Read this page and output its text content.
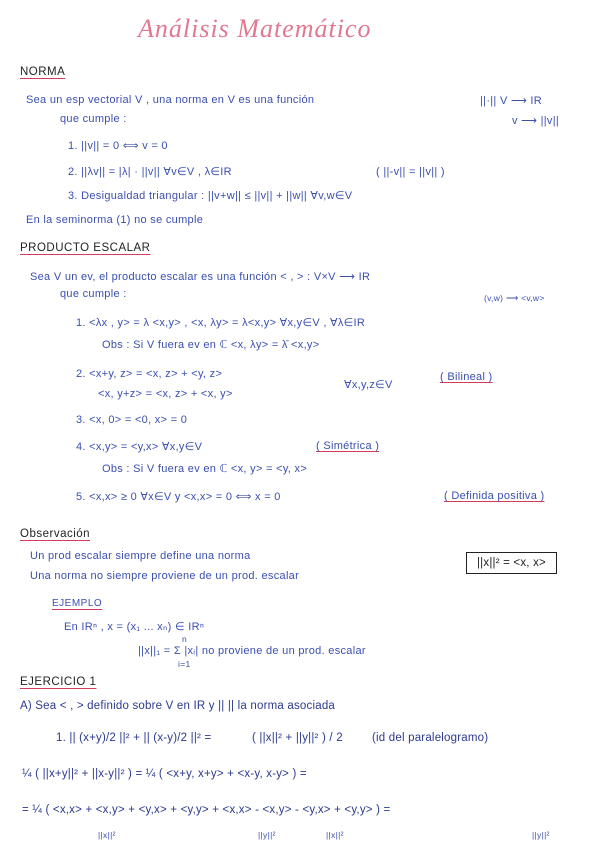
Análisis Matemático
NORMA
Sea un esp vectorial V , una norma en V es una función	||·|| V ⟶ IR
v ⟶ ||v||
que cumple :
1. ||v|| = 0 ⟺ v = 0
2. ||λv|| = |λ| · ||v|| ∀v∈V , λ∈IR	( ||-v|| = ||v|| )
3. Desigualdad triangular : ||v+w|| ≤ ||v|| + ||w|| ∀v,w∈V
En la seminorma (1) no se cumple
PRODUCTO ESCALAR
Sea V un ev, el producto escalar es una función < , > : V×V ⟶ IR
(v,w) ⟶ <v,w>
que cumple :
1. <λx , y> = λ <x,y> , <x, λy> = λ<x,y> ∀x,y∈V , ∀λ∈IR
Obs : Si V fuera ev en ℂ <x, λy> = λ̄ <x,y>
2. <x+y, z> = <x, z> + <y, z>
<x, y+z> = <x, z> + <x, y>
∀x,y,z∈V
( Bilineal )
3. <x, 0> = <0, x> = 0
4. <x,y> = <y,x> ∀x,y∈V	( Simétrica )
Obs : Si V fuera ev en ℂ <x, y> = <y, x>
5. <x,x> ≥ 0 ∀x∈V y <x,x> = 0 ⟺ x = 0	( Definida positiva )
Observación
Un prod escalar siempre define una norma
Una norma no siempre proviene de un prod. escalar
||x||² = <x, x>
EJEMPLO
En IRⁿ , x = (x₁ ... xₙ) ∈ IRⁿ
n
||x||₁ = Σ |xᵢ| no proviene de un prod. escalar
i=1
EJERCICIO 1
A) Sea < , > definido sobre V en IR y || || la norma asociada
1. || (x+y)/2 ||² + || (x-y)/2 ||² =	( ||x||² + ||y||² ) / 2	(id del paralelogramo)
¼ ( ||x+y||² + ||x-y||² ) = ¼ ( <x+y, x+y> + <x-y, x-y> ) =
= ¼ ( <x,x> + <x,y> + <y,x> + <y,y> + <x,x> - <x,y> - <y,x> + <y,y> ) =
||x||²	||y||²	||x||²	||y||²
